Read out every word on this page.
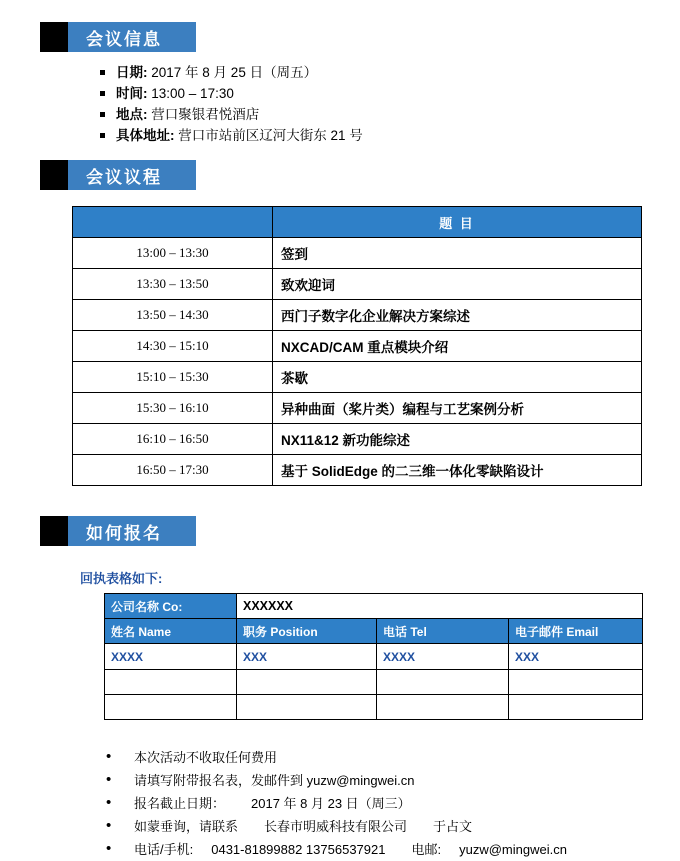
会议信息
日期: 2017 年 8 月 25 日（周五）
时间: 13:00 – 17:30
地点: 营口聚银君悦酒店
具体地址: 营口市站前区辽河大街东 21 号
会议议程
	题 目
13:00 – 13:30	签到
13:30 – 13:50	致欢迎词
13:50 – 14:30	西门子数字化企业解决方案综述
14:30 – 15:10	NXCAD/CAM 重点模块介绍
15:10 – 15:30	茶歇
15:30 – 16:10	异种曲面（桨片类）编程与工艺案例分析
16:10 – 16:50	NX11&12 新功能综述
16:50 – 17:30	基于 SolidEdge 的二三维一体化零缺陷设计
如何报名
回执表格如下:
公司名称 Co:	XXXXXX		
姓名 Name	职务 Position	电话 Tel	电子邮件 Email
XXXX	XXX	XXXX	XXX

• 本次活动不收取任何费用
• 请填写附带报名表，发邮件到 yuzw@mingwei.cn
• 报名截止日期： 2017 年 8 月 23 日（周三）
• 如蒙垂询，请联系 长春市明威科技有限公司 于占文
• 电话/手机: 0431-81899882 13756537921 电邮: yuzw@mingwei.cn
